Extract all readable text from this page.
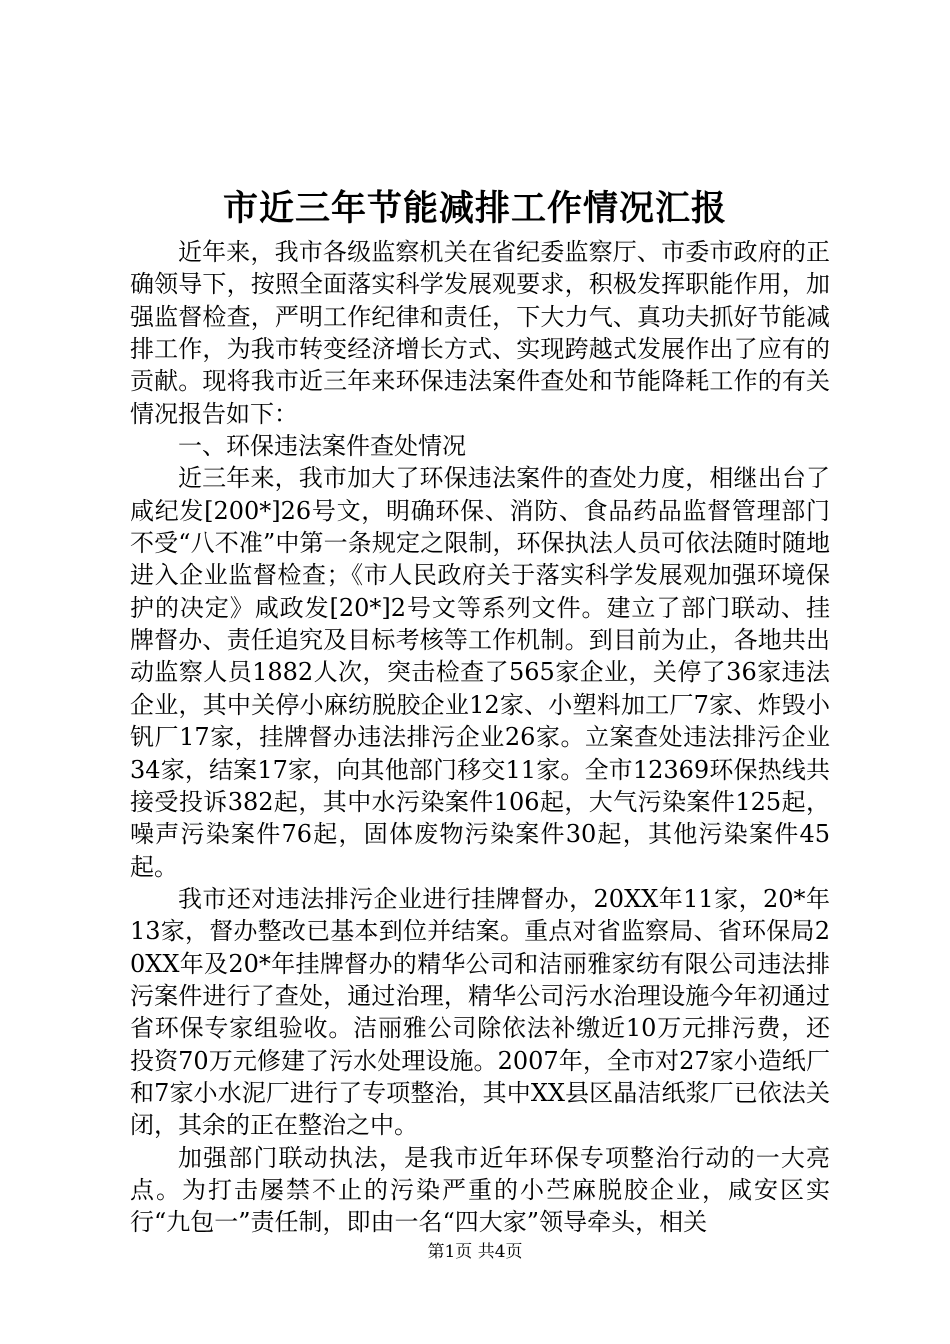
市近三年节能减排工作情况汇报

近年来，我市各级监察机关在省纪委监察厅、市委市政府的正确领导下，按照全面落实科学发展观要求，积极发挥职能作用，加强监督检查，严明工作纪律和责任，下大力气、真功夫抓好节能减排工作，为我市转变经济增长方式、实现跨越式发展作出了应有的贡献。现将我市近三年来环保违法案件查处和节能降耗工作的有关情况报告如下：

一、环保违法案件查处情况

近三年来，我市加大了环保违法案件的查处力度，相继出台了咸纪发[200*]26号文，明确环保、消防、食品药品监督管理部门不受“八不准”中第一条规定之限制，环保执法人员可依法随时随地进入企业监督检查；《市人民政府关于落实科学发展观加强环境保护的决定》咸政发[20*]2号文等系列文件。建立了部门联动、挂牌督办、责任追究及目标考核等工作机制。到目前为止，各地共出动监察人员1882人次，突击检查了565家企业，关停了36家违法企业，其中关停小麻纺脱胶企业12家、小塑料加工厂7家、炸毁小钒厂17家，挂牌督办违法排污企业26家。立案查处违法排污企业34家，结案17家，向其他部门移交11家。全市12369环保热线共接受投诉382起，其中水污染案件106起，大气污染案件125起，噪声污染案件76起，固体废物污染案件30起，其他污染案件45起。

我市还对违法排污企业进行挂牌督办，20XX年11家，20*年13家，督办整改已基本到位并结案。重点对省监察局、省环保局20XX年及20*年挂牌督办的精华公司和洁丽雅家纺有限公司违法排污案件进行了查处，通过治理，精华公司污水治理设施今年初通过省环保专家组验收。洁丽雅公司除依法补缴近10万元排污费，还投资70万元修建了污水处理设施。2007年，全市对27家小造纸厂和7家小水泥厂进行了专项整治，其中XX县区晶洁纸浆厂已依法关闭，其余的正在整治之中。

加强部门联动执法，是我市近年环保专项整治行动的一大亮点。为打击屡禁不止的污染严重的小苎麻脱胶企业，咸安区实行“九包一”责任制，即由一名“四大家”领导牵头，相关

第1页 共4页
